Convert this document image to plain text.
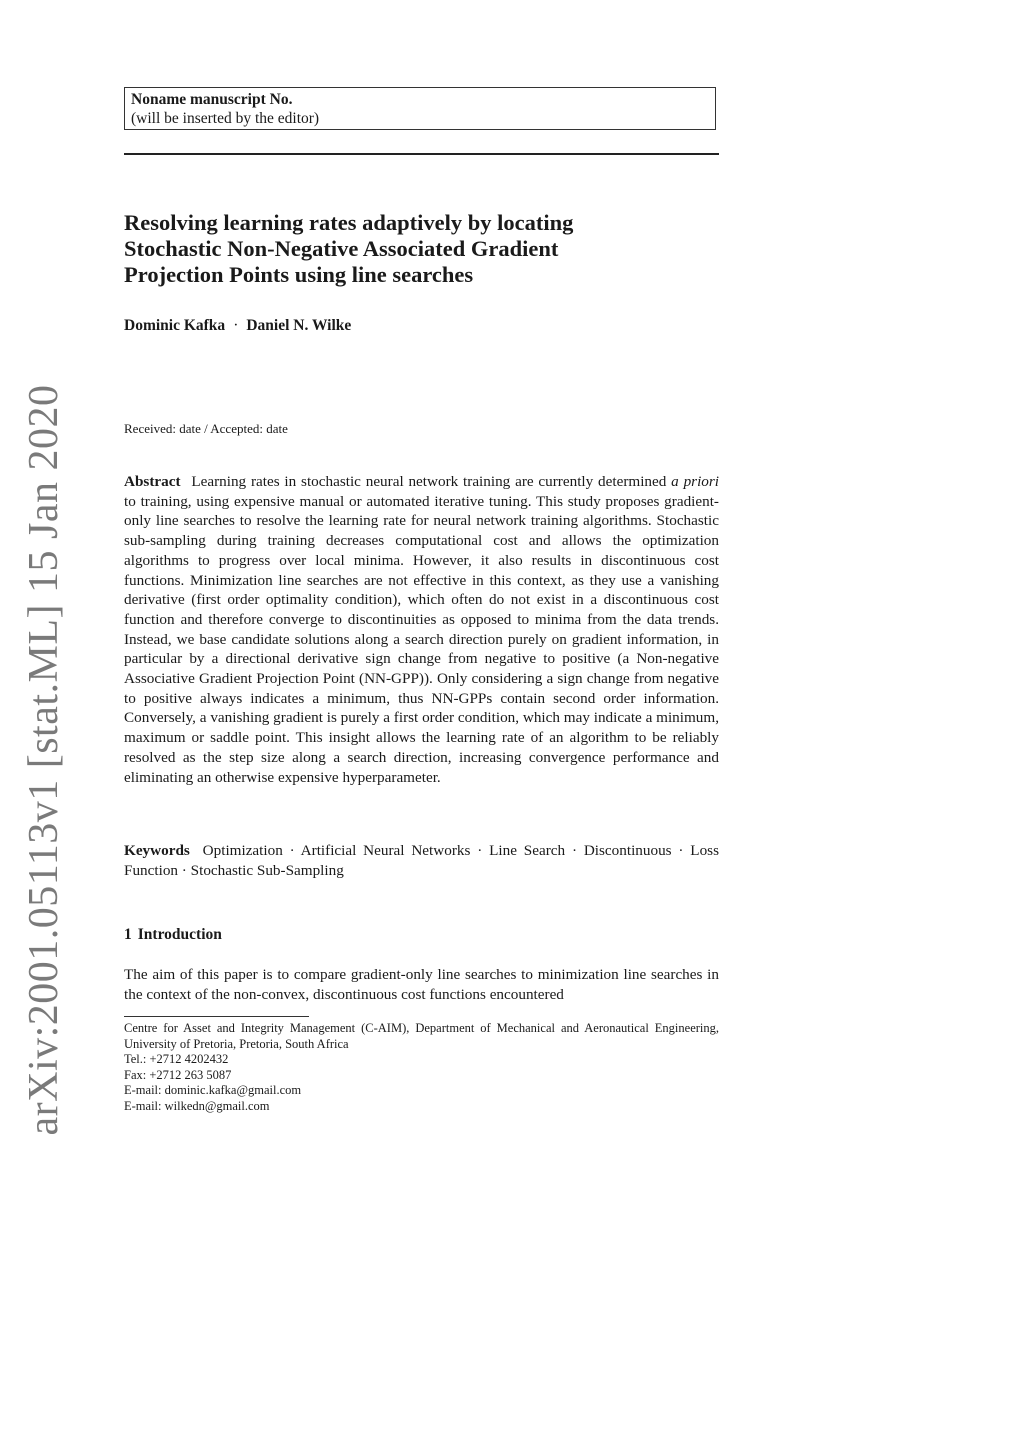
arXiv:2001.05113v1 [stat.ML] 15 Jan 2020
Noname manuscript No.
(will be inserted by the editor)
Resolving learning rates adaptively by locating
Stochastic Non-Negative Associated Gradient
Projection Points using line searches
Dominic Kafka · Daniel N. Wilke
Received: date / Accepted: date

Abstract Learning rates in stochastic neural network training are currently determined a priori to training, using expensive manual or automated iterative tuning. This study proposes gradient-only line searches to resolve the learning rate for neural network training algorithms. Stochastic sub-sampling during training decreases computational cost and allows the optimization algorithms to progress over local minima. However, it also results in discontinuous cost functions. Minimization line searches are not effective in this context, as they use a vanishing derivative (first order optimality condition), which often do not exist in a discontinuous cost function and therefore converge to discontinuities as opposed to minima from the data trends. Instead, we base candidate solutions along a search direction purely on gradient information, in particular by a directional derivative sign change from negative to positive (a Non-negative Associative Gradient Projection Point (NN-GPP)). Only considering a sign change from negative to positive always indicates a minimum, thus NN-GPPs contain second order information. Conversely, a vanishing gradient is purely a first order condition, which may indicate a minimum, maximum or saddle point. This insight allows the learning rate of an algorithm to be reliably resolved as the step size along a search direction, increasing convergence performance and eliminating an otherwise expensive hyperparameter.

Keywords Optimization · Artificial Neural Networks · Line Search · Discontinuous · Loss Function · Stochastic Sub-Sampling

1 Introduction

The aim of this paper is to compare gradient-only line searches to minimization line searches in the context of the non-convex, discontinuous cost functions encountered

Centre for Asset and Integrity Management (C-AIM), Department of Mechanical and Aeronautical Engineering, University of Pretoria, Pretoria, South Africa
Tel.: +2712 4202432
Fax: +2712 263 5087
E-mail: dominic.kafka@gmail.com
E-mail: wilkedn@gmail.com
